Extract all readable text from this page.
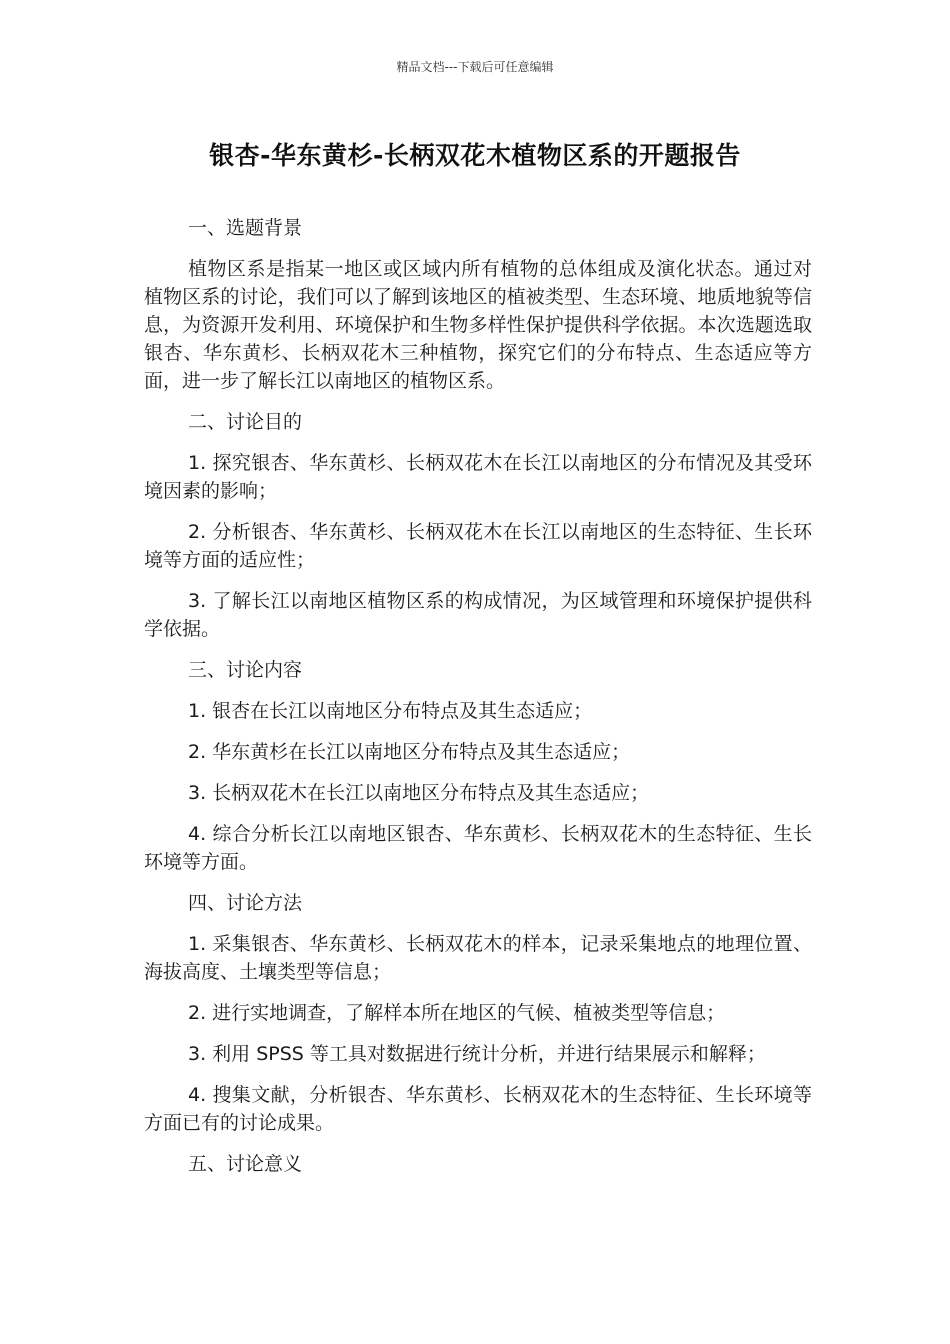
精品文档---下载后可任意编辑
银杏-华东黄杉-长柄双花木植物区系的开题报告

一、选题背景

植物区系是指某一地区或区域内所有植物的总体组成及演化状态。通过对植物区系的讨论，我们可以了解到该地区的植被类型、生态环境、地质地貌等信息，为资源开发利用、环境保护和生物多样性保护提供科学依据。本次选题选取银杏、华东黄杉、长柄双花木三种植物，探究它们的分布特点、生态适应等方面，进一步了解长江以南地区的植物区系。

二、讨论目的

1. 探究银杏、华东黄杉、长柄双花木在长江以南地区的分布情况及其受环境因素的影响；

2. 分析银杏、华东黄杉、长柄双花木在长江以南地区的生态特征、生长环境等方面的适应性；

3. 了解长江以南地区植物区系的构成情况，为区域管理和环境保护提供科学依据。

三、讨论内容

1. 银杏在长江以南地区分布特点及其生态适应；

2. 华东黄杉在长江以南地区分布特点及其生态适应；

3. 长柄双花木在长江以南地区分布特点及其生态适应；

4. 综合分析长江以南地区银杏、华东黄杉、长柄双花木的生态特征、生长环境等方面。

四、讨论方法

1. 采集银杏、华东黄杉、长柄双花木的样本，记录采集地点的地理位置、海拔高度、土壤类型等信息；

2. 进行实地调查，了解样本所在地区的气候、植被类型等信息；

3. 利用 SPSS 等工具对数据进行统计分析，并进行结果展示和解释；

4. 搜集文献，分析银杏、华东黄杉、长柄双花木的生态特征、生长环境等方面已有的讨论成果。

五、讨论意义
